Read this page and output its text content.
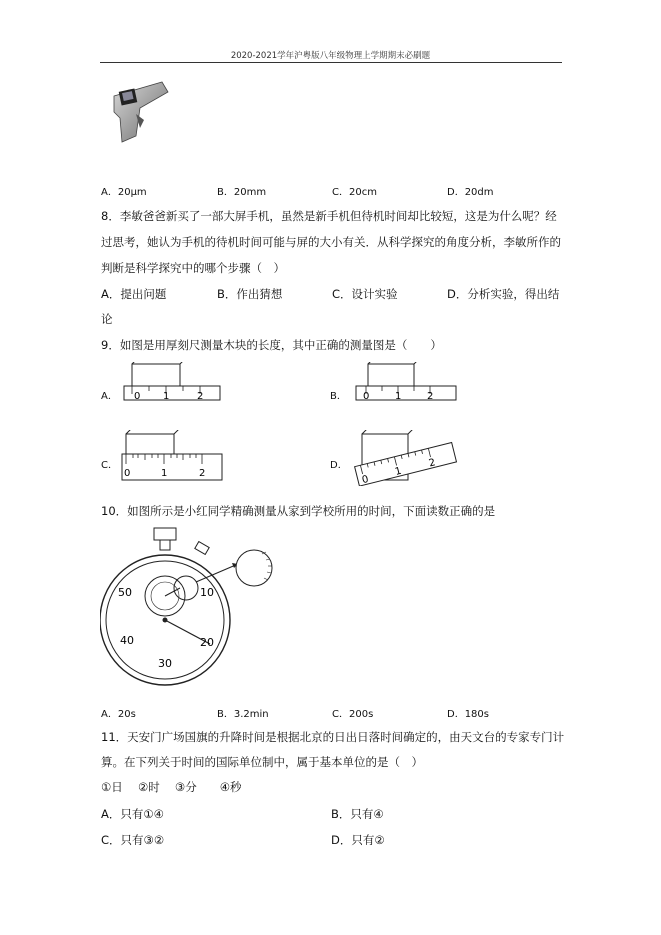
2020-2021学年沪粤版八年级物理上学期期末必刷题
A．20μm	B．20mm	C．20cm	D．20dm
8．李敏爸爸新买了一部大屏手机，虽然是新手机但待机时间却比较短，这是为什么呢？经
过思考，她认为手机的待机时间可能与屏的大小有关．从科学探究的角度分析，李敏所作的
判断是科学探究中的哪个步骤（　）
A．提出问题	B．作出猜想	C．设计实验	D．分析实验，得出结
论
9．如图是用厚刻尺测量木块的长度，其中正确的测量图是（　　）
A． 0 1	2	B． 0	1	2
C．
0	1	2
D．
0
1
2
10．如图所示是小红同学精确测量从家到学校所用的时间，下面读数正确的是
50	10
40	20
30
A．20s	B．3.2min	C．200s	D．180s
11．天安门广场国旗的升降时间是根据北京的日出日落时间确定的，由天文台的专家专门计
算。在下列关于时间的国际单位制中，属于基本单位的是（　）
①日　 ②时　 ③分　　④秒
A．只有①④	B．只有④
C．只有③②	D．只有②
